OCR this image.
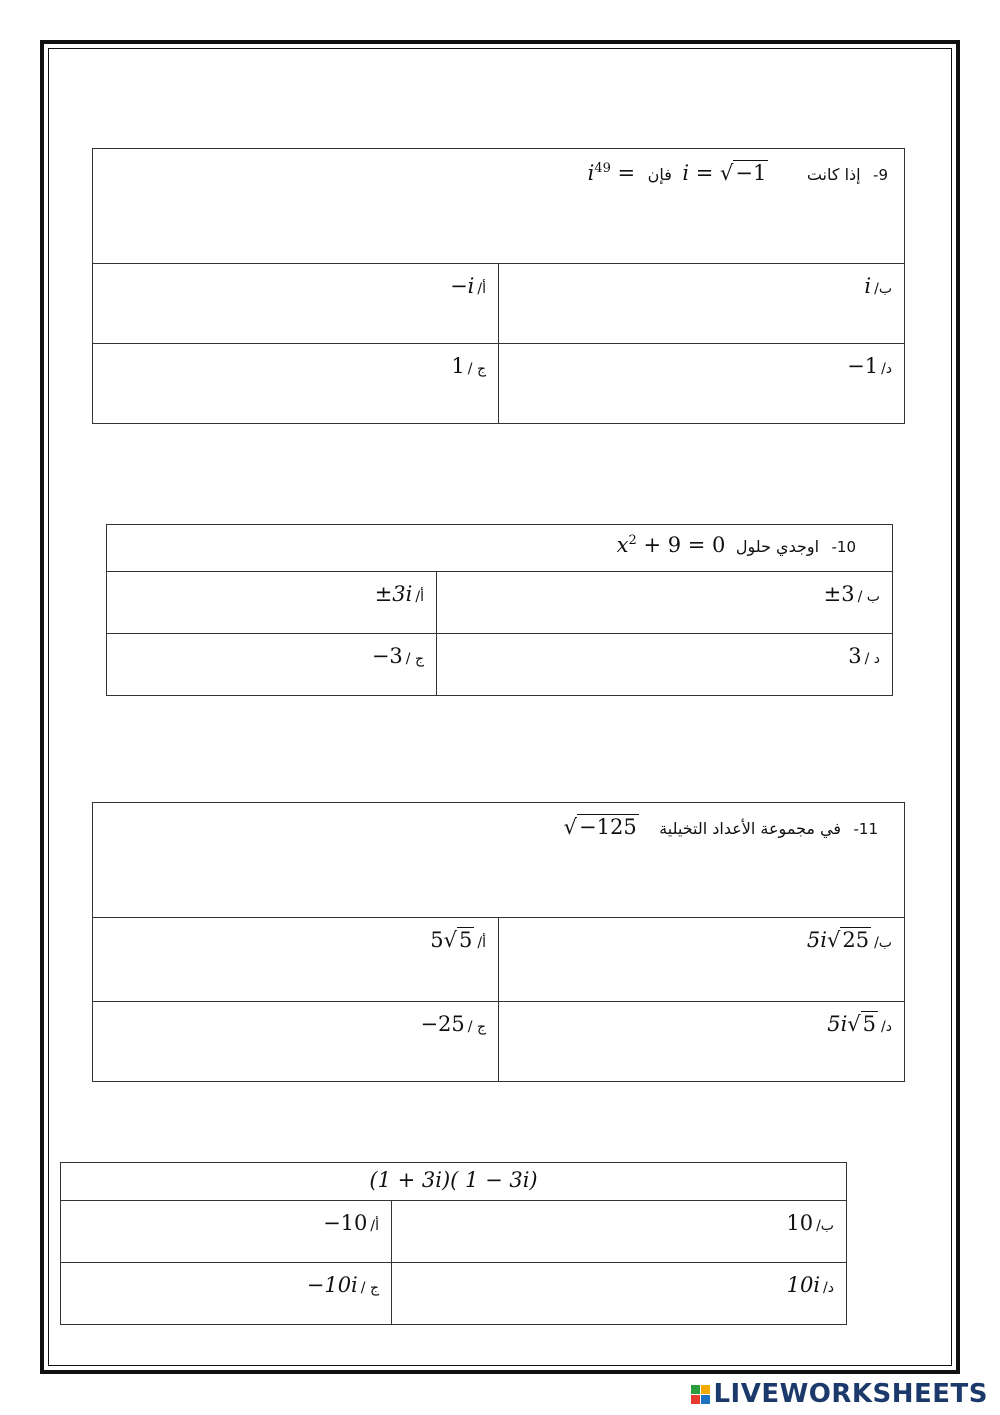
9- إذا كانت i = √−1 فإن $i^{49}$ =	

أ/−i	ب/i

ج /1	د/−1
10- اوجدي حلول $x^2 + 9 = 0$	

أ/±3i	ب /±3

ج /−3	د /3
11- في مجموعة الأعداد التخيلية √−125	

أ/5√5	ب/5i√25

ج /−25	د/5i√5
(1 + 3i)( 1 − 3i)	

أ/−10	ب/10

ج /−10i	د/10i
LIVEWORKSHEETS
